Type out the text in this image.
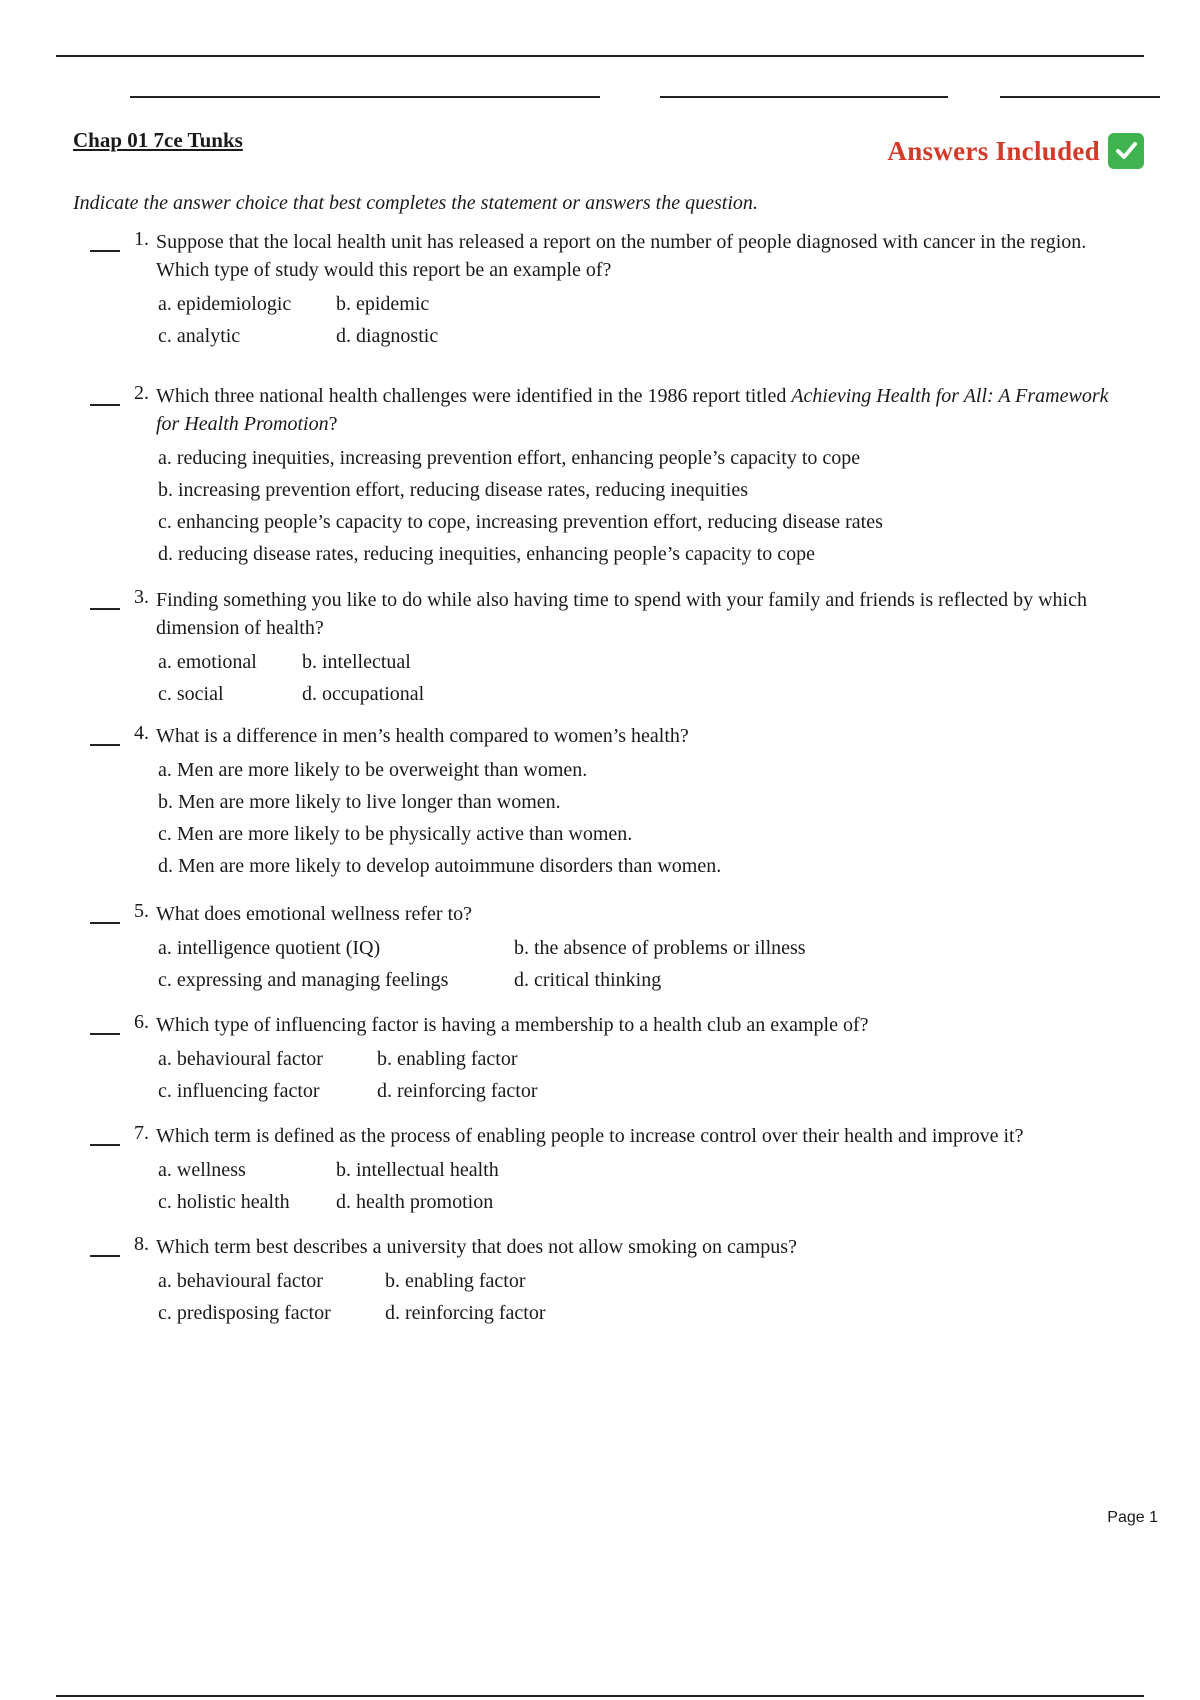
Chap 01 7ce Tunks	Answers Included
Indicate the answer choice that best completes the statement or answers the question.
1. Suppose that the local health unit has released a report on the number of people diagnosed with cancer in the region. Which type of study would this report be an example of?
a. epidemiologic	b. epidemic
c. analytic	d. diagnostic
2. Which three national health challenges were identified in the 1986 report titled Achieving Health for All: A Framework for Health Promotion?
a. reducing inequities, increasing prevention effort, enhancing people’s capacity to cope
b. increasing prevention effort, reducing disease rates, reducing inequities
c. enhancing people’s capacity to cope, increasing prevention effort, reducing disease rates
d. reducing disease rates, reducing inequities, enhancing people’s capacity to cope
3. Finding something you like to do while also having time to spend with your family and friends is reflected by which dimension of health?
a. emotional	b. intellectual
c. social	d. occupational
4. What is a difference in men’s health compared to women’s health?
a. Men are more likely to be overweight than women.
b. Men are more likely to live longer than women.
c. Men are more likely to be physically active than women.
d. Men are more likely to develop autoimmune disorders than women.
5. What does emotional wellness refer to?
a. intelligence quotient (IQ)	b. the absence of problems or illness
c. expressing and managing feelings	d. critical thinking
6. Which type of influencing factor is having a membership to a health club an example of?
a. behavioural factor	b. enabling factor
c. influencing factor	d. reinforcing factor
7. Which term is defined as the process of enabling people to increase control over their health and improve it?
a. wellness	b. intellectual health
c. holistic health	d. health promotion
8. Which term best describes a university that does not allow smoking on campus?
a. behavioural factor	b. enabling factor
c. predisposing factor	d. reinforcing factor
Page 1
